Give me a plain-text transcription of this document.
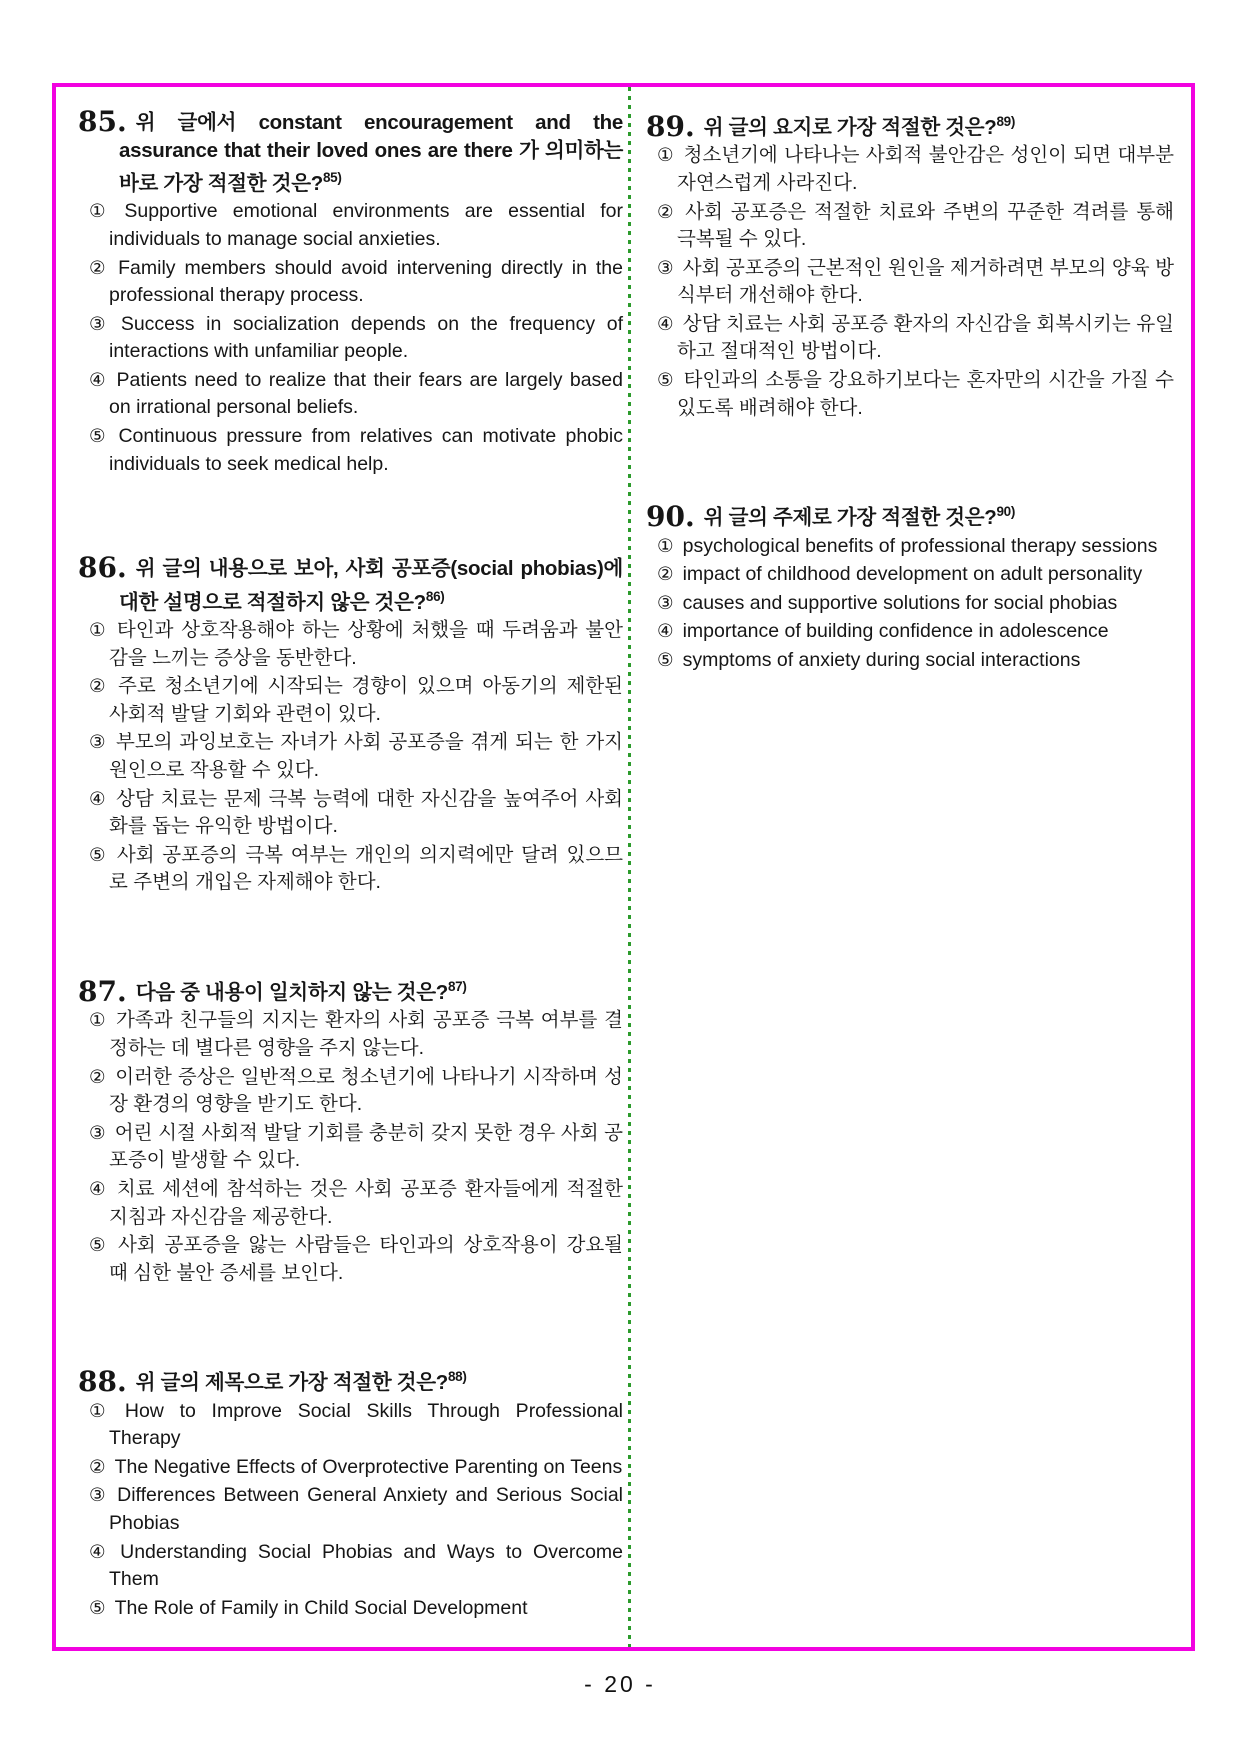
85. 위 글에서 constant encouragement and the assurance that their loved ones are there 가 의미하는 바로 가장 적절한 것은?$^{85)}$
① Supportive emotional environments are essential for individuals to manage social anxieties.
② Family members should avoid intervening directly in the professional therapy process.
③ Success in socialization depends on the frequency of interactions with unfamiliar people.
④ Patients need to realize that their fears are largely based on irrational personal beliefs.
⑤ Continuous pressure from relatives can motivate phobic individuals to seek medical help.
86. 위 글의 내용으로 보아, 사회 공포증(social phobias)에 대한 설명으로 적절하지 않은 것은?$^{86)}$
① 타인과 상호작용해야 하는 상황에 처했을 때 두려움과 불안감을 느끼는 증상을 동반한다.
② 주로 청소년기에 시작되는 경향이 있으며 아동기의 제한된 사회적 발달 기회와 관련이 있다.
③ 부모의 과잉보호는 자녀가 사회 공포증을 겪게 되는 한 가지 원인으로 작용할 수 있다.
④ 상담 치료는 문제 극복 능력에 대한 자신감을 높여주어 사회화를 돕는 유익한 방법이다.
⑤ 사회 공포증의 극복 여부는 개인의 의지력에만 달려 있으므로 주변의 개입은 자제해야 한다.
87. 다음 중 내용이 일치하지 않는 것은?$^{87)}$
① 가족과 친구들의 지지는 환자의 사회 공포증 극복 여부를 결정하는 데 별다른 영향을 주지 않는다.
② 이러한 증상은 일반적으로 청소년기에 나타나기 시작하며 성장 환경의 영향을 받기도 한다.
③ 어린 시절 사회적 발달 기회를 충분히 갖지 못한 경우 사회 공포증이 발생할 수 있다.
④ 치료 세션에 참석하는 것은 사회 공포증 환자들에게 적절한 지침과 자신감을 제공한다.
⑤ 사회 공포증을 앓는 사람들은 타인과의 상호작용이 강요될 때 심한 불안 증세를 보인다.
88. 위 글의 제목으로 가장 적절한 것은?$^{88)}$
① How to Improve Social Skills Through Professional Therapy
② The Negative Effects of Overprotective Parenting on Teens
③ Differences Between General Anxiety and Serious Social Phobias
④ Understanding Social Phobias and Ways to Overcome Them
⑤ The Role of Family in Child Social Development
89. 위 글의 요지로 가장 적절한 것은?$^{89)}$
① 청소년기에 나타나는 사회적 불안감은 성인이 되면 대부분 자연스럽게 사라진다.
② 사회 공포증은 적절한 치료와 주변의 꾸준한 격려를 통해 극복될 수 있다.
③ 사회 공포증의 근본적인 원인을 제거하려면 부모의 양육 방식부터 개선해야 한다.
④ 상담 치료는 사회 공포증 환자의 자신감을 회복시키는 유일하고 절대적인 방법이다.
⑤ 타인과의 소통을 강요하기보다는 혼자만의 시간을 가질 수 있도록 배려해야 한다.
90. 위 글의 주제로 가장 적절한 것은?$^{90)}$
① psychological benefits of professional therapy sessions
② impact of childhood development on adult personality
③ causes and supportive solutions for social phobias
④ importance of building confidence in adolescence
⑤ symptoms of anxiety during social interactions
- 20 -
